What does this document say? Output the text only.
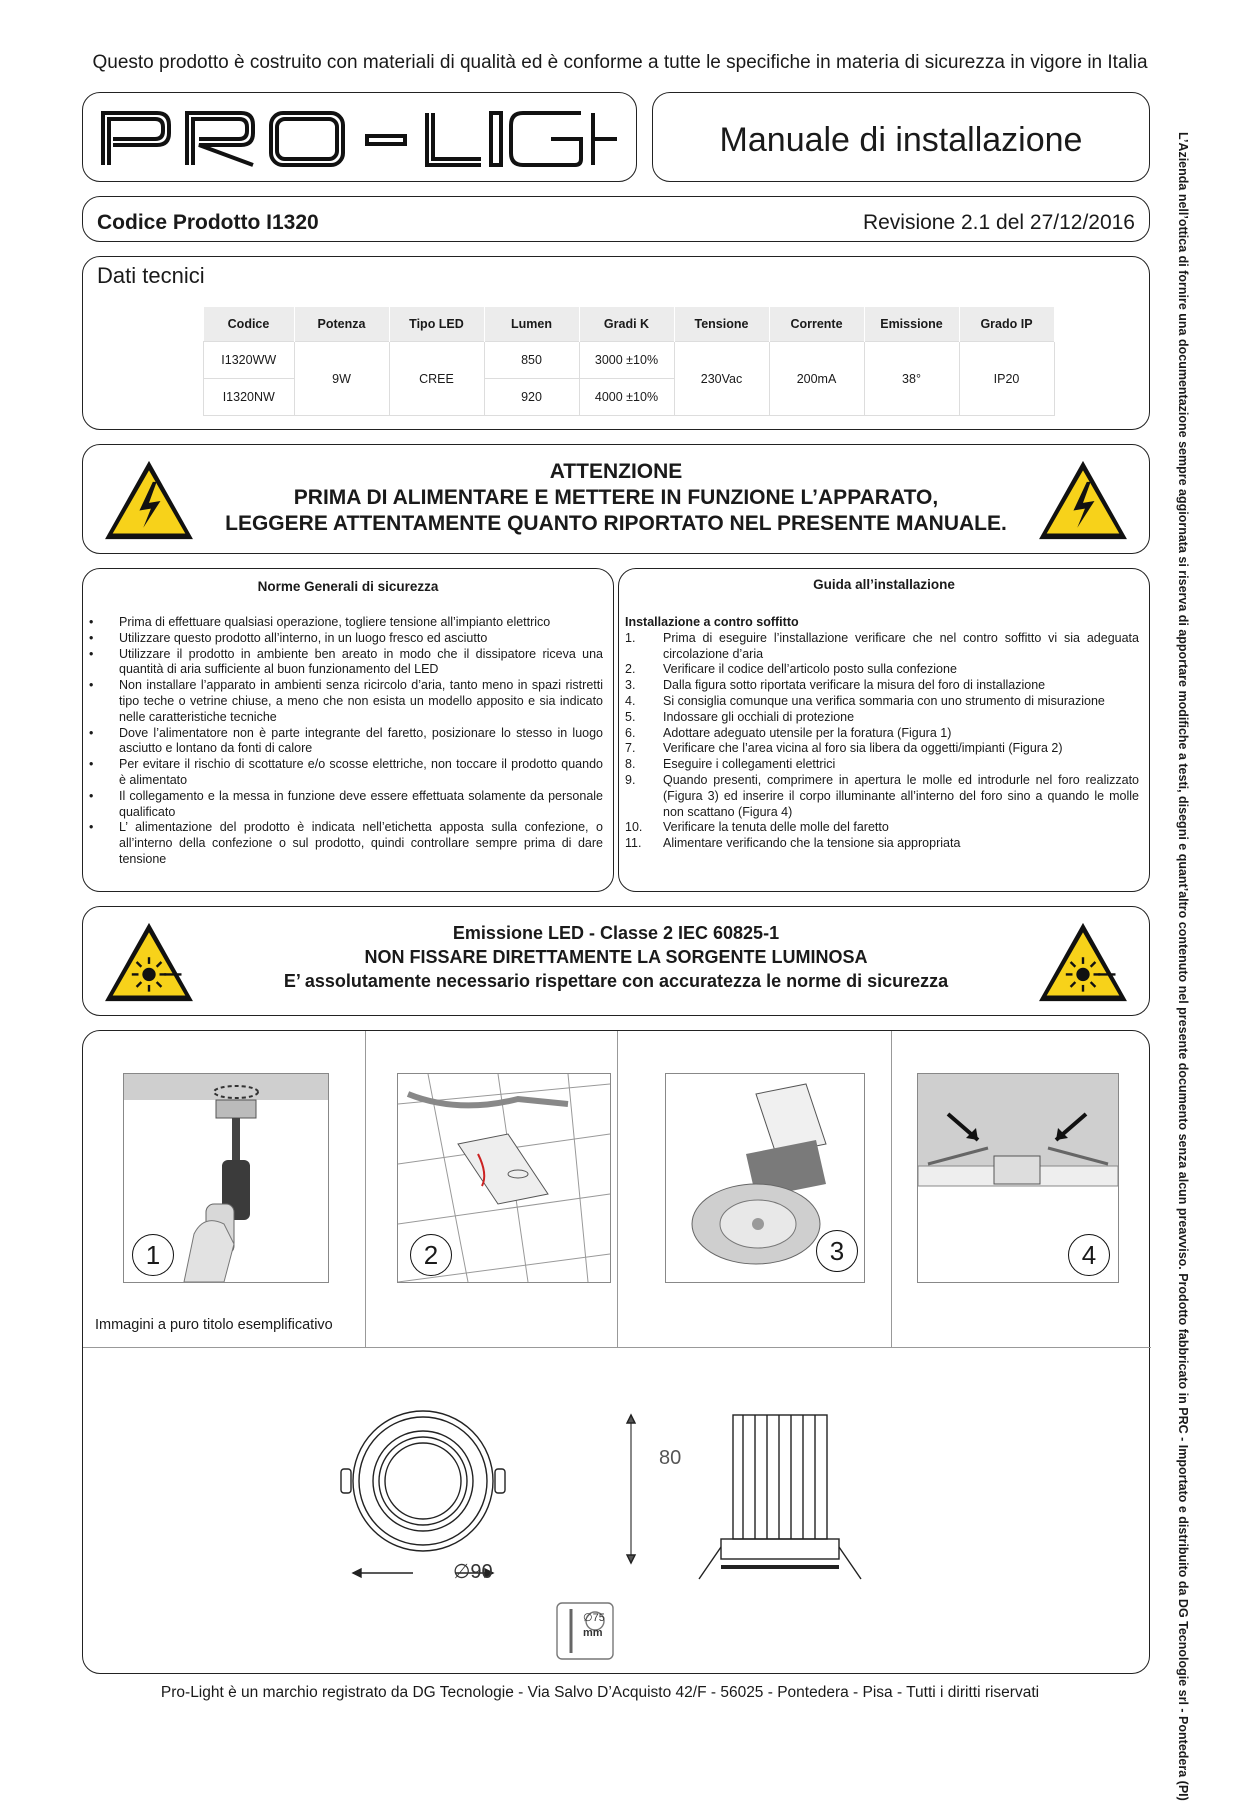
Questo prodotto è costruito con materiali di qualità ed è conforme a tutte le specifiche in materia di sicurezza in vigore in Italia
Manuale di installazione
Codice Prodotto I1320	Revisione 2.1 del 27/12/2016
Dati tecnici
Codice	Potenza	Tipo LED	Lumen	Gradi K	Tensione	Corrente	Emissione	Grado IP
I1320WW	9W	CREE	850	3000 ±10%	230Vac	200mA	38°	IP20
I1320NW			920	4000 ±10%				
ATTENZIONE
PRIMA DI ALIMENTARE E METTERE IN FUNZIONE L’APPARATO,
LEGGERE ATTENTAMENTE QUANTO RIPORTATO NEL PRESENTE MANUALE.
Norme Generali di sicurezza
•	Prima di effettuare qualsiasi operazione, togliere tensione all’impianto elettrico
•	Utilizzare questo prodotto all’interno, in un luogo fresco ed asciutto
•	Utilizzare il prodotto in ambiente ben areato in modo che il dissipatore riceva una quantità di aria sufficiente al buon funzionamento del LED
•	Non installare l’apparato in ambienti senza ricircolo d’aria, tanto meno in spazi ristretti tipo teche o vetrine chiuse, a meno che non esista un modello apposito e sia indicato nelle caratteristiche tecniche
•	Dove l’alimentatore non è parte integrante del faretto, posizionare lo stesso in luogo asciutto e lontano da fonti di calore
•	Per evitare il rischio di scottature e/o scosse elettriche, non toccare il prodotto quando è alimentato
•	Il collegamento e la messa in funzione deve essere effettuata solamente da personale qualificato
•	L’ alimentazione del prodotto è indicata nell’etichetta apposta sulla confezione, o all’interno della confezione o sul prodotto, quindi controllare sempre prima di dare tensione
Guida all’installazione
Installazione a contro soffitto
1.	Prima di eseguire l’installazione verificare che nel contro soffitto vi sia adeguata circolazione d’aria
2.	Verificare il codice dell’articolo posto sulla confezione
3.	Dalla figura sotto riportata verificare la misura del foro di installazione
4.	Si consiglia comunque una verifica sommaria con uno strumento di misurazione
5.	Indossare gli occhiali di protezione
6.	Adottare adeguato utensile per la foratura (Figura 1)
7.	Verificare che l’area vicina al foro sia libera da oggetti/impianti (Figura 2)
8.	Eseguire i collegamenti elettrici
9.	Quando presenti, comprimere in apertura le molle ed introdurle nel foro realizzato (Figura 3) ed inserire il corpo illuminante all’interno del foro sino a quando le molle non scattano (Figura 4)
10.	Verificare la tenuta delle molle del faretto
11.	Alimentare verificando che la tensione sia appropriata
Emissione LED - Classe 2 IEC 60825-1
NON FISSARE DIRETTAMENTE LA SORGENTE LUMINOSA
E’ assolutamente necessario rispettare con accuratezza le norme di sicurezza
1	2	3	4
Immagini a puro titolo esemplificativo
∅90
80
∅75
mm	L’Azienda nell’ottica di fornire una documentazione sempre aggiornata si riserva di apportare modifiche a testi, disegni e quant’altro contenuto nel presente documento senza alcun preavviso. Prodotto fabbricato in PRC - Importato e distribuito da DG Tecnologie srl - Pontedera (PI)
Pro-Light è un marchio registrato da DG Tecnologie - Via Salvo D’Acquisto 42/F - 56025 - Pontedera - Pisa - Tutti i diritti riservati
